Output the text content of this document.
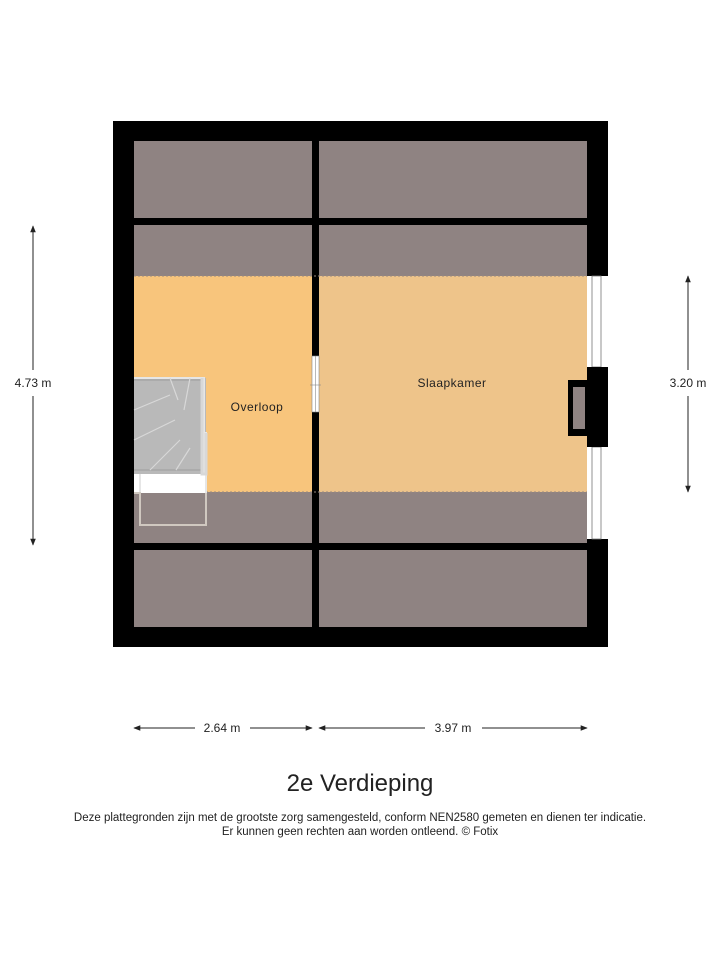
Overloop
Slaapkamer
4.73 m	3.20 m
2.64 m	3.97 m
2e Verdieping
Deze plattegronden zijn met de grootste zorg samengesteld, conform NEN2580 gemeten en dienen ter indicatie.
Er kunnen geen rechten aan worden ontleend. © Fotix
